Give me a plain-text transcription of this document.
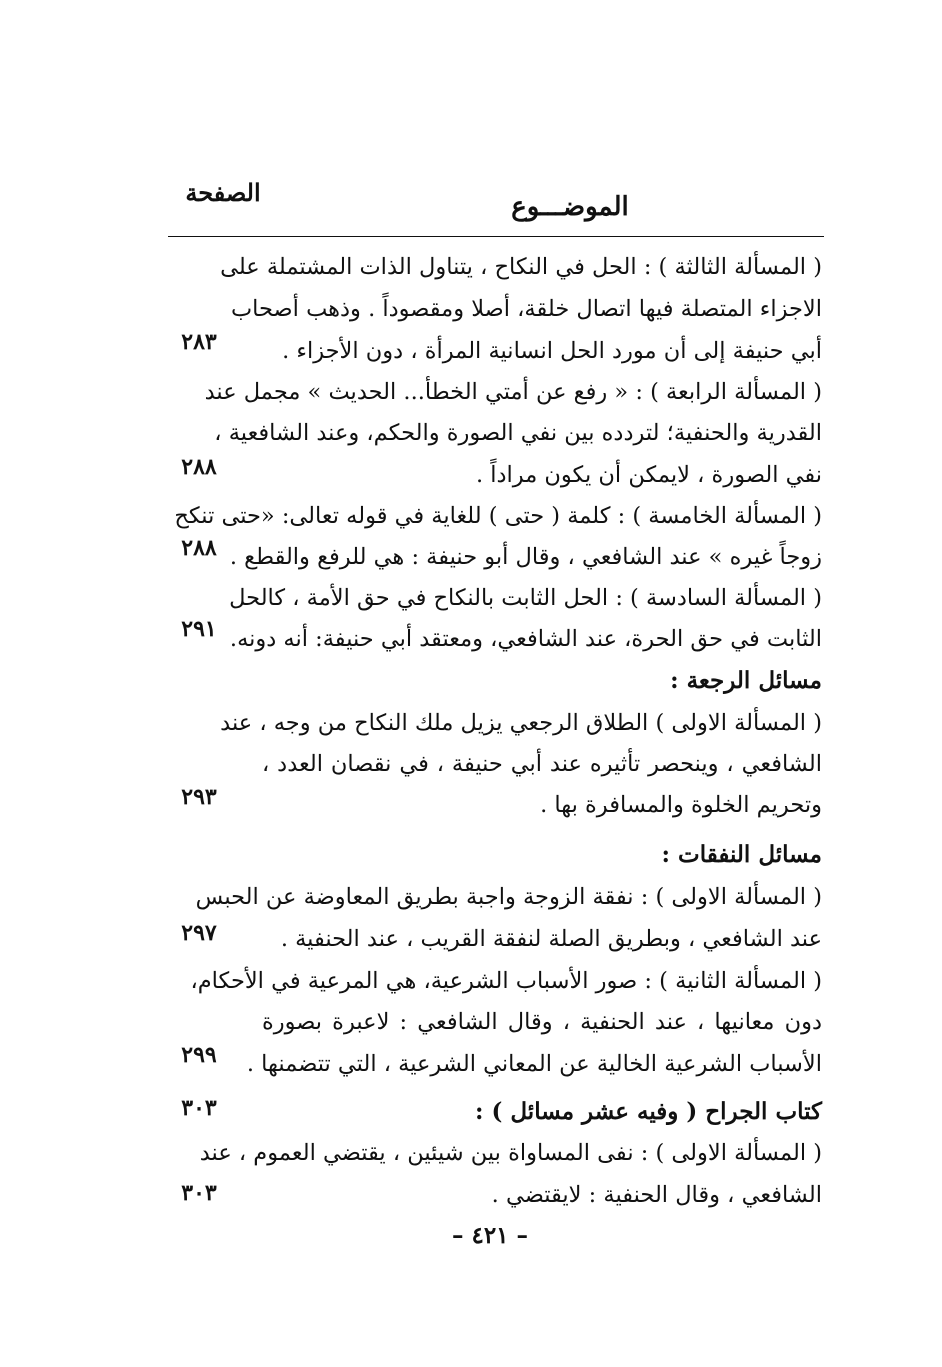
الموضـــوع
الصفحة
( المسألة الثالثة ) : الحل في النكاح ، يتناول الذات المشتملة على
الاجزاء المتصلة فيها اتصال خلقة، أصلا ومقصوداً . وذهب أصحاب
أبي حنيفة إلى أن مورد الحل انسانية المرأة ، دون الأجزاء .
( المسألة الرابعة ) : « رفع عن أمتي الخطأ... الحديث » مجمل عند
القدرية والحنفية؛ لتردده بين نفي الصورة والحكم، وعند الشافعية ،
نفي الصورة ، لايمكن أن يكون مراداً .
( المسألة الخامسة ) : كلمة ( حتى ) للغاية في قوله تعالى: «حتى تنكح
زوجاً غيره » عند الشافعي ، وقال أبو حنيفة : هي للرفع والقطع .
( المسألة السادسة ) : الحل الثابت بالنكاح في حق الأمة ، كالحل
الثابت في حق الحرة، عند الشافعي، ومعتقد أبي حنيفة: أنه دونه.
مسائل الرجعة :
( المسألة الاولى ) الطلاق الرجعي يزيل ملك النكاح من وجه ، عند
الشافعي ، وينحصر تأثيره عند أبي حنيفة ، في نقصان العدد ،
وتحريم الخلوة والمسافرة بها .
مسائل النفقات :
( المسألة الاولى ) : نفقة الزوجة واجبة بطريق المعاوضة عن الحبس
عند الشافعي ، وبطريق الصلة لنفقة القريب ، عند الحنفية .
( المسألة الثانية ) : صور الأسباب الشرعية، هي المرعية في الأحكام،
دون معانيها ، عند الحنفية ، وقال الشافعي : لاعبرة بصورة
الأسباب الشرعية الخالية عن المعاني الشرعية ، التي تتضمنها .
كتاب الجراح ( وفيه عشر مسائل ) :
( المسألة الاولى ) : نفى المساواة بين شيئين ، يقتضي العموم ، عند
الشافعي ، وقال الحنفية : لايقتضي .
٢٨٣
٢٨٨
٢٨٨
٢٩١
٢٩٣
٢٩٧
٢٩٩
٣٠٣
٣٠٣
– ٤٢١ –
